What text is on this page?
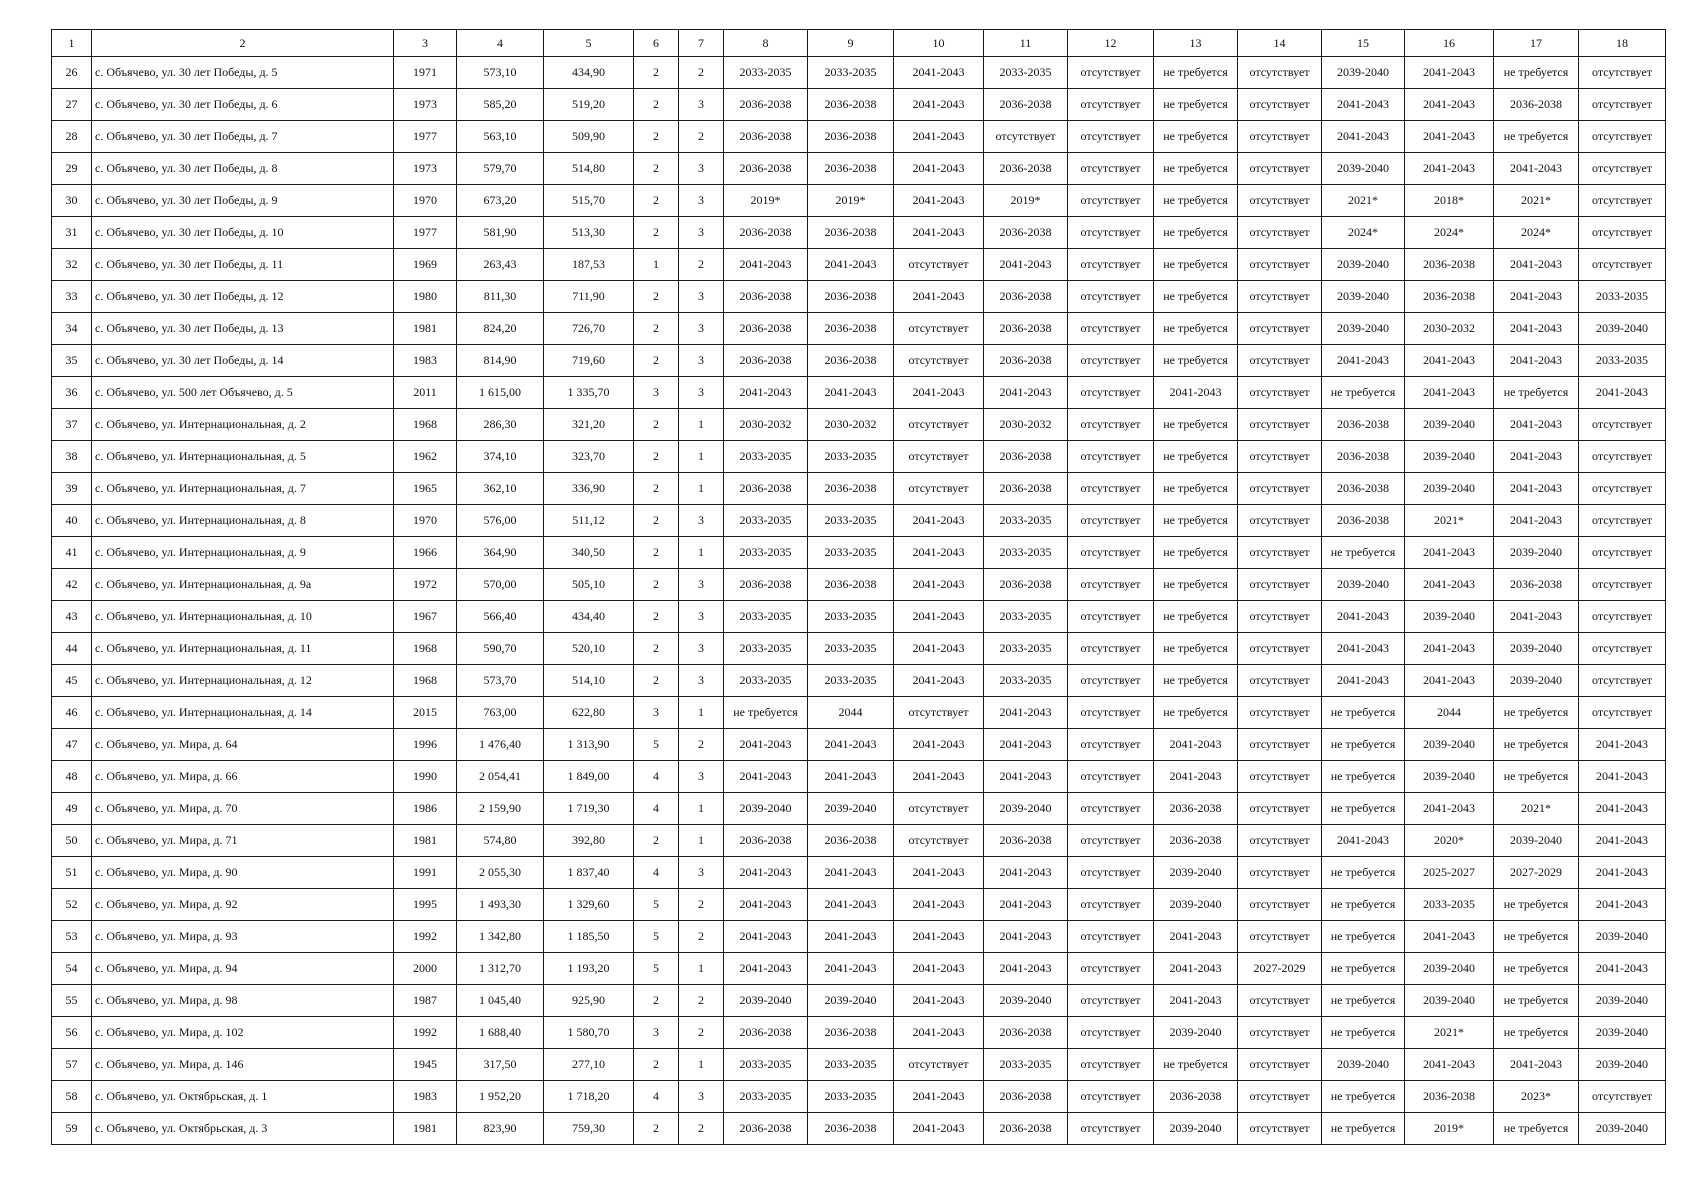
1	2	3	4	5	6	7	8	9	10	11	12	13	14	15	16	17	18
26	с. Объячево, ул. 30 лет Победы, д. 5	1971	573,10	434,90	2	2	2033-2035	2033-2035	2041-2043	2033-2035	отсутствует	не требуется	отсутствует	2039-2040	2041-2043	не требуется	отсутствует
27	с. Объячево, ул. 30 лет Победы, д. 6	1973	585,20	519,20	2	3	2036-2038	2036-2038	2041-2043	2036-2038	отсутствует	не требуется	отсутствует	2041-2043	2041-2043	2036-2038	отсутствует
28	с. Объячево, ул. 30 лет Победы, д. 7	1977	563,10	509,90	2	2	2036-2038	2036-2038	2041-2043	отсутствует	отсутствует	не требуется	отсутствует	2041-2043	2041-2043	не требуется	отсутствует
29	с. Объячево, ул. 30 лет Победы, д. 8	1973	579,70	514,80	2	3	2036-2038	2036-2038	2041-2043	2036-2038	отсутствует	не требуется	отсутствует	2039-2040	2041-2043	2041-2043	отсутствует
30	с. Объячево, ул. 30 лет Победы, д. 9	1970	673,20	515,70	2	3	2019*	2019*	2041-2043	2019*	отсутствует	не требуется	отсутствует	2021*	2018*	2021*	отсутствует
31	с. Объячево, ул. 30 лет Победы, д. 10	1977	581,90	513,30	2	3	2036-2038	2036-2038	2041-2043	2036-2038	отсутствует	не требуется	отсутствует	2024*	2024*	2024*	отсутствует
32	с. Объячево, ул. 30 лет Победы, д. 11	1969	263,43	187,53	1	2	2041-2043	2041-2043	отсутствует	2041-2043	отсутствует	не требуется	отсутствует	2039-2040	2036-2038	2041-2043	отсутствует
33	с. Объячево, ул. 30 лет Победы, д. 12	1980	811,30	711,90	2	3	2036-2038	2036-2038	2041-2043	2036-2038	отсутствует	не требуется	отсутствует	2039-2040	2036-2038	2041-2043	2033-2035
34	с. Объячево, ул. 30 лет Победы, д. 13	1981	824,20	726,70	2	3	2036-2038	2036-2038	отсутствует	2036-2038	отсутствует	не требуется	отсутствует	2039-2040	2030-2032	2041-2043	2039-2040
35	с. Объячево, ул. 30 лет Победы, д. 14	1983	814,90	719,60	2	3	2036-2038	2036-2038	отсутствует	2036-2038	отсутствует	не требуется	отсутствует	2041-2043	2041-2043	2041-2043	2033-2035
36	с. Объячево, ул. 500 лет Объячево, д. 5	2011	1 615,00	1 335,70	3	3	2041-2043	2041-2043	2041-2043	2041-2043	отсутствует	2041-2043	отсутствует	не требуется	2041-2043	не требуется	2041-2043
37	с. Объячево, ул. Интернациональная, д. 2	1968	286,30	321,20	2	1	2030-2032	2030-2032	отсутствует	2030-2032	отсутствует	не требуется	отсутствует	2036-2038	2039-2040	2041-2043	отсутствует
38	с. Объячево, ул. Интернациональная, д. 5	1962	374,10	323,70	2	1	2033-2035	2033-2035	отсутствует	2036-2038	отсутствует	не требуется	отсутствует	2036-2038	2039-2040	2041-2043	отсутствует
39	с. Объячево, ул. Интернациональная, д. 7	1965	362,10	336,90	2	1	2036-2038	2036-2038	отсутствует	2036-2038	отсутствует	не требуется	отсутствует	2036-2038	2039-2040	2041-2043	отсутствует
40	с. Объячево, ул. Интернациональная, д. 8	1970	576,00	511,12	2	3	2033-2035	2033-2035	2041-2043	2033-2035	отсутствует	не требуется	отсутствует	2036-2038	2021*	2041-2043	отсутствует
41	с. Объячево, ул. Интернациональная, д. 9	1966	364,90	340,50	2	1	2033-2035	2033-2035	2041-2043	2033-2035	отсутствует	не требуется	отсутствует	не требуется	2041-2043	2039-2040	отсутствует
42	с. Объячево, ул. Интернациональная, д. 9а	1972	570,00	505,10	2	3	2036-2038	2036-2038	2041-2043	2036-2038	отсутствует	не требуется	отсутствует	2039-2040	2041-2043	2036-2038	отсутствует
43	с. Объячево, ул. Интернациональная, д. 10	1967	566,40	434,40	2	3	2033-2035	2033-2035	2041-2043	2033-2035	отсутствует	не требуется	отсутствует	2041-2043	2039-2040	2041-2043	отсутствует
44	с. Объячево, ул. Интернациональная, д. 11	1968	590,70	520,10	2	3	2033-2035	2033-2035	2041-2043	2033-2035	отсутствует	не требуется	отсутствует	2041-2043	2041-2043	2039-2040	отсутствует
45	с. Объячево, ул. Интернациональная, д. 12	1968	573,70	514,10	2	3	2033-2035	2033-2035	2041-2043	2033-2035	отсутствует	не требуется	отсутствует	2041-2043	2041-2043	2039-2040	отсутствует
46	с. Объячево, ул. Интернациональная, д. 14	2015	763,00	622,80	3	1	не требуется	2044	отсутствует	2041-2043	отсутствует	не требуется	отсутствует	не требуется	2044	не требуется	отсутствует
47	с. Объячево, ул. Мира, д. 64	1996	1 476,40	1 313,90	5	2	2041-2043	2041-2043	2041-2043	2041-2043	отсутствует	2041-2043	отсутствует	не требуется	2039-2040	не требуется	2041-2043
48	с. Объячево, ул. Мира, д. 66	1990	2 054,41	1 849,00	4	3	2041-2043	2041-2043	2041-2043	2041-2043	отсутствует	2041-2043	отсутствует	не требуется	2039-2040	не требуется	2041-2043
49	с. Объячево, ул. Мира, д. 70	1986	2 159,90	1 719,30	4	1	2039-2040	2039-2040	отсутствует	2039-2040	отсутствует	2036-2038	отсутствует	не требуется	2041-2043	2021*	2041-2043
50	с. Объячево, ул. Мира, д. 71	1981	574,80	392,80	2	1	2036-2038	2036-2038	отсутствует	2036-2038	отсутствует	2036-2038	отсутствует	2041-2043	2020*	2039-2040	2041-2043
51	с. Объячево, ул. Мира, д. 90	1991	2 055,30	1 837,40	4	3	2041-2043	2041-2043	2041-2043	2041-2043	отсутствует	2039-2040	отсутствует	не требуется	2025-2027	2027-2029	2041-2043
52	с. Объячево, ул. Мира, д. 92	1995	1 493,30	1 329,60	5	2	2041-2043	2041-2043	2041-2043	2041-2043	отсутствует	2039-2040	отсутствует	не требуется	2033-2035	не требуется	2041-2043
53	с. Объячево, ул. Мира, д. 93	1992	1 342,80	1 185,50	5	2	2041-2043	2041-2043	2041-2043	2041-2043	отсутствует	2041-2043	отсутствует	не требуется	2041-2043	не требуется	2039-2040
54	с. Объячево, ул. Мира, д. 94	2000	1 312,70	1 193,20	5	1	2041-2043	2041-2043	2041-2043	2041-2043	отсутствует	2041-2043	2027-2029	не требуется	2039-2040	не требуется	2041-2043
55	с. Объячево, ул. Мира, д. 98	1987	1 045,40	925,90	2	2	2039-2040	2039-2040	2041-2043	2039-2040	отсутствует	2041-2043	отсутствует	не требуется	2039-2040	не требуется	2039-2040
56	с. Объячево, ул. Мира, д. 102	1992	1 688,40	1 580,70	3	2	2036-2038	2036-2038	2041-2043	2036-2038	отсутствует	2039-2040	отсутствует	не требуется	2021*	не требуется	2039-2040
57	с. Объячево, ул. Мира, д. 146	1945	317,50	277,10	2	1	2033-2035	2033-2035	отсутствует	2033-2035	отсутствует	не требуется	отсутствует	2039-2040	2041-2043	2041-2043	2039-2040
58	с. Объячево, ул. Октябрьская, д. 1	1983	1 952,20	1 718,20	4	3	2033-2035	2033-2035	2041-2043	2036-2038	отсутствует	2036-2038	отсутствует	не требуется	2036-2038	2023*	отсутствует
59	с. Объячево, ул. Октябрьская, д. 3	1981	823,90	759,30	2	2	2036-2038	2036-2038	2041-2043	2036-2038	отсутствует	2039-2040	отсутствует	не требуется	2019*	не требуется	2039-2040
